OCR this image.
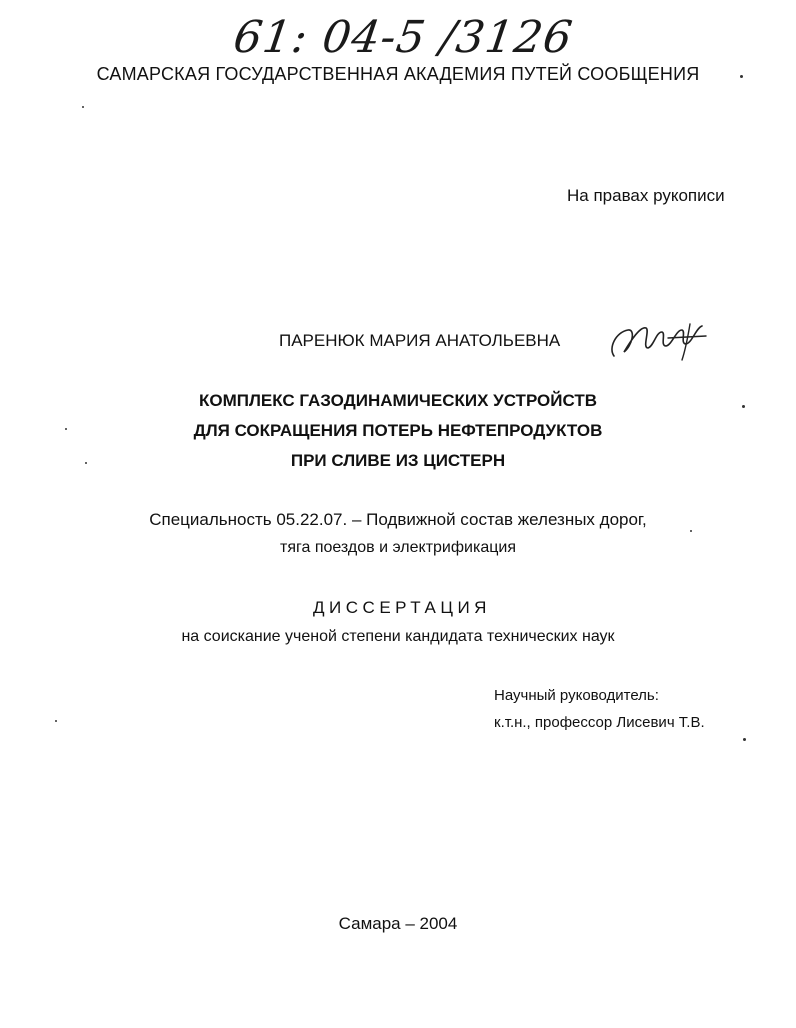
61: 04-5 /3126
САМАРСКАЯ ГОСУДАРСТВЕННАЯ АКАДЕМИЯ ПУТЕЙ СООБЩЕНИЯ
На правах рукописи
ПАРЕНЮК МАРИЯ АНАТОЛЬЕВНА
КОМПЛЕКС ГАЗОДИНАМИЧЕСКИХ УСТРОЙСТВ
ДЛЯ СОКРАЩЕНИЯ ПОТЕРЬ НЕФТЕПРОДУКТОВ
ПРИ СЛИВЕ ИЗ ЦИСТЕРН
Специальность 05.22.07. – Подвижной состав железных дорог,
тяга поездов и электрификация
ДИССЕРТАЦИЯ
на соискание ученой степени кандидата технических наук
Научный руководитель:
к.т.н., профессор Лисевич Т.В.
Самара – 2004
